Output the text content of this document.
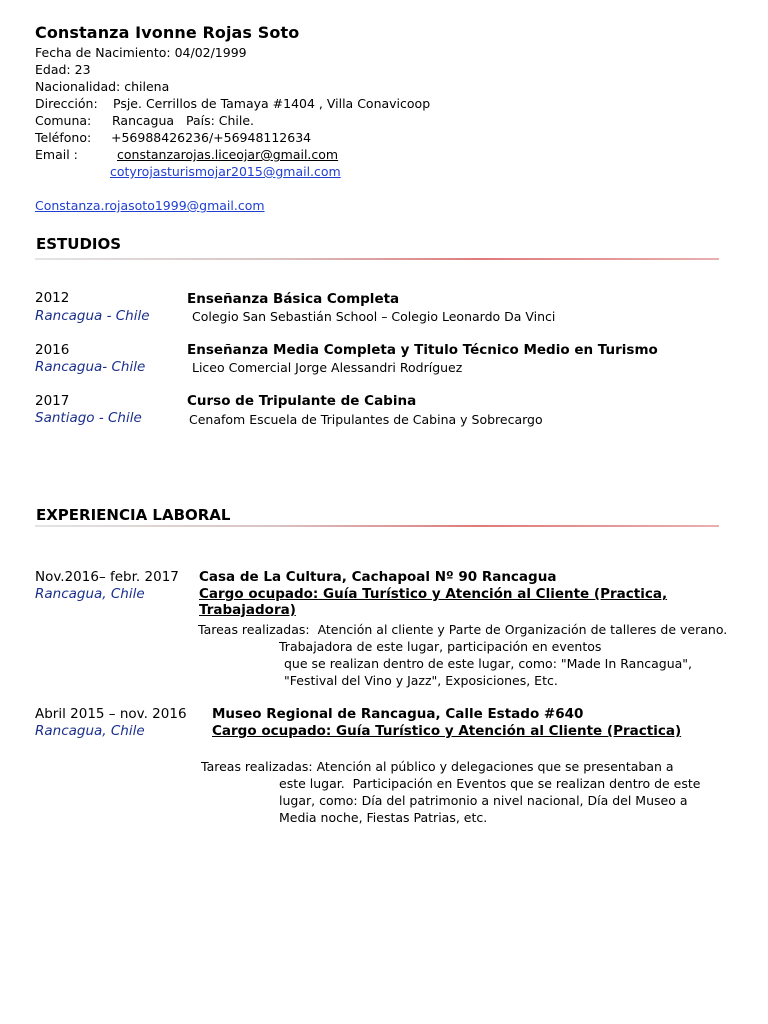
Constanza Ivonne Rojas Soto
Fecha de Nacimiento: 04/02/1999
Edad: 23
Nacionalidad: chilena
Dirección: Psje. Cerrillos de Tamaya #1404 , Villa Conavicoop
Comuna: Rancagua   País: Chile.
Teléfono: +56988426236/+56948112634
Email :	constanzarojas.liceojar@gmail.com
cotyrojasturismojar2015@gmail.com
Constanza.rojasoto1999@gmail.com
ESTUDIOS
2012	Enseñanza Básica Completa
Rancagua - Chile	Colegio San Sebastián School – Colegio Leonardo Da Vinci
2016	Enseñanza Media Completa y Titulo Técnico Medio en Turismo
Rancagua- Chile	Liceo Comercial Jorge Alessandri Rodríguez
2017	Curso de Tripulante de Cabina
Santiago - Chile	Cenafom Escuela de Tripulantes de Cabina y Sobrecargo
EXPERIENCIA LABORAL
Nov.2016– febr. 2017 Casa de La Cultura, Cachapoal Nº 90 Rancagua
Rancagua, Chile	Cargo ocupado: Guía Turístico y Atención al Cliente (Practica, Trabajadora)
Tareas realizadas:  Atención al cliente y Parte de Organización de talleres de verano.
Trabajadora de este lugar, participación en eventos
que se realizan dentro de este lugar, como: "Made In Rancagua",
"Festival del Vino y Jazz", Exposiciones, Etc.
Abril 2015 – nov. 2016 Museo Regional de Rancagua, Calle Estado #640
Rancagua, Chile	Cargo ocupado: Guía Turístico y Atención al Cliente (Practica)
Tareas realizadas: Atención al público y delegaciones que se presentaban a
este lugar.  Participación en Eventos que se realizan dentro de este
lugar, como: Día del patrimonio a nivel nacional, Día del Museo a
Media noche, Fiestas Patrias, etc.
